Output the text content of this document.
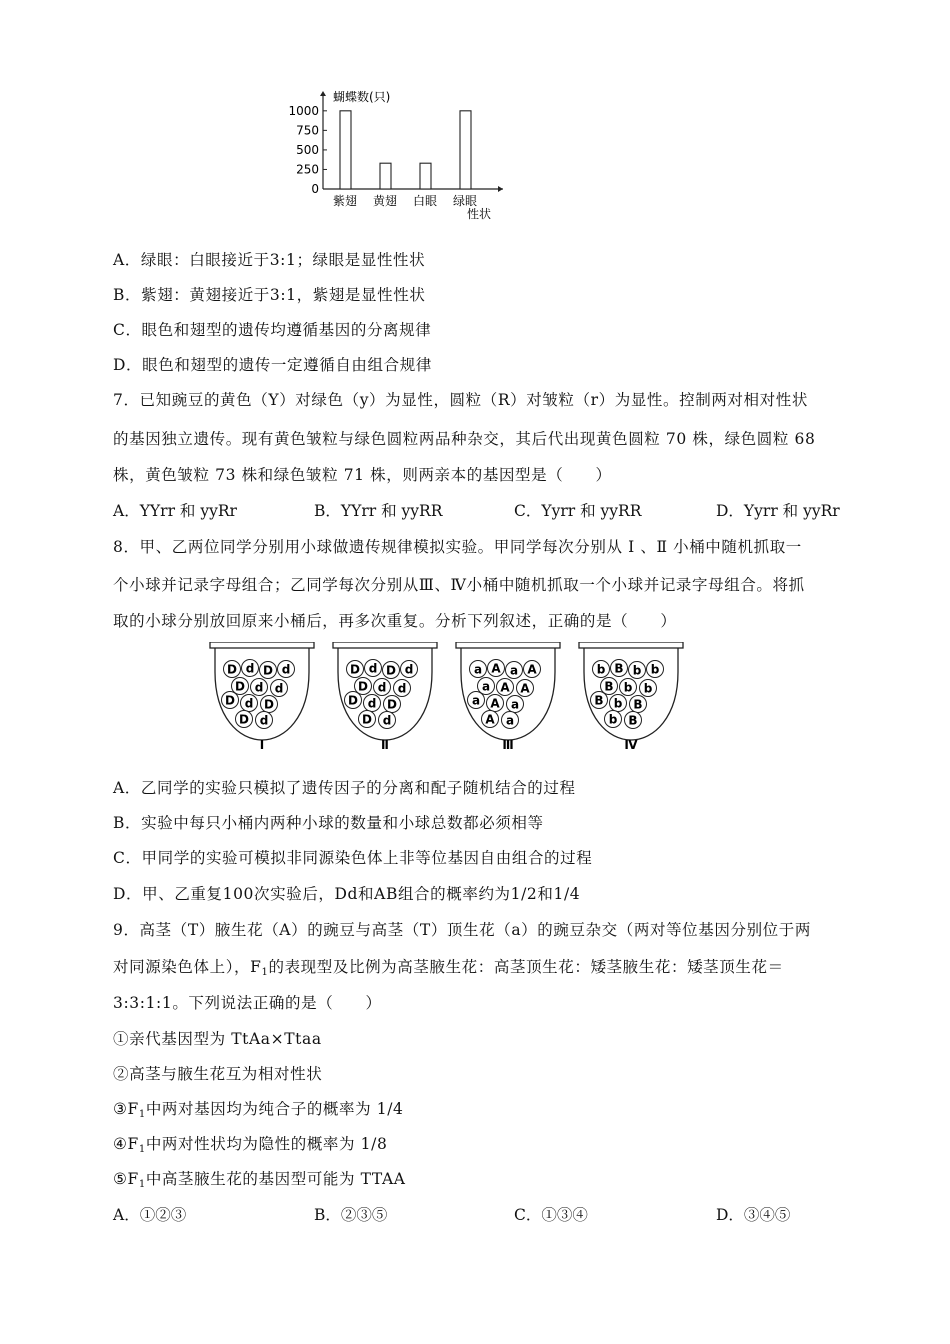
0
250
500
750
1000
紫翅 黄翅 白眼 绿眼
蝴蝶数(只)
性状
A．绿眼：白眼接近于3:1；绿眼是显性性状
B．紫翅：黄翅接近于3:1，紫翅是显性性状
C．眼色和翅型的遗传均遵循基因的分离规律
D．眼色和翅型的遗传一定遵循自由组合规律
7．已知豌豆的黄色（Y）对绿色（y）为显性，圆粒（R）对皱粒（r）为显性。控制两对相对性状
的基因独立遗传。现有黄色皱粒与绿色圆粒两品种杂交，其后代出现黄色圆粒 70 株，绿色圆粒 68
株，黄色皱粒 73 株和绿色皱粒 71 株，则两亲本的基因型是（　　）
A．YYrr 和 yyRr	B．YYrr 和 yyRR	C．Yyrr 和 yyRR	D．Yyrr 和 yyRr
8．甲、乙两位同学分别用小球做遗传规律模拟实验。甲同学每次分别从 Ⅰ 、Ⅱ 小桶中随机抓取一
个小球并记录字母组合；乙同学每次分别从Ⅲ、Ⅳ小桶中随机抓取一个小球并记录字母组合。将抓
取的小球分别放回原来小桶后，再多次重复。分析下列叙述，正确的是（　　）
D d D d
D d d
D d D
D d
Ⅰ
D d D d
D d d
D d D
D d
Ⅱ
a A a A
a A A
a A a
A a
Ⅲ
b B b b
B b b
B b B
b B
Ⅳ
A．乙同学的实验只模拟了遗传因子的分离和配子随机结合的过程
B．实验中每只小桶内两种小球的数量和小球总数都必须相等
C．甲同学的实验可模拟非同源染色体上非等位基因自由组合的过程
D．甲、乙重复100次实验后，Dd和AB组合的概率约为1/2和1/4
9．高茎（T）腋生花（A）的豌豆与高茎（T）顶生花（a）的豌豆杂交（两对等位基因分别位于两
对同源染色体上），F1的表现型及比例为高茎腋生花：高茎顶生花：矮茎腋生花：矮茎顶生花＝
3:3:1:1。下列说法正确的是（　　）
①亲代基因型为 TtAa×Ttaa
②高茎与腋生花互为相对性状
③F1中两对基因均为纯合子的概率为 1/4
④F1中两对性状均为隐性的概率为 1/8
⑤F1中高茎腋生花的基因型可能为 TTAA
A．①②③	B．②③⑤	C．①③④	D．③④⑤
